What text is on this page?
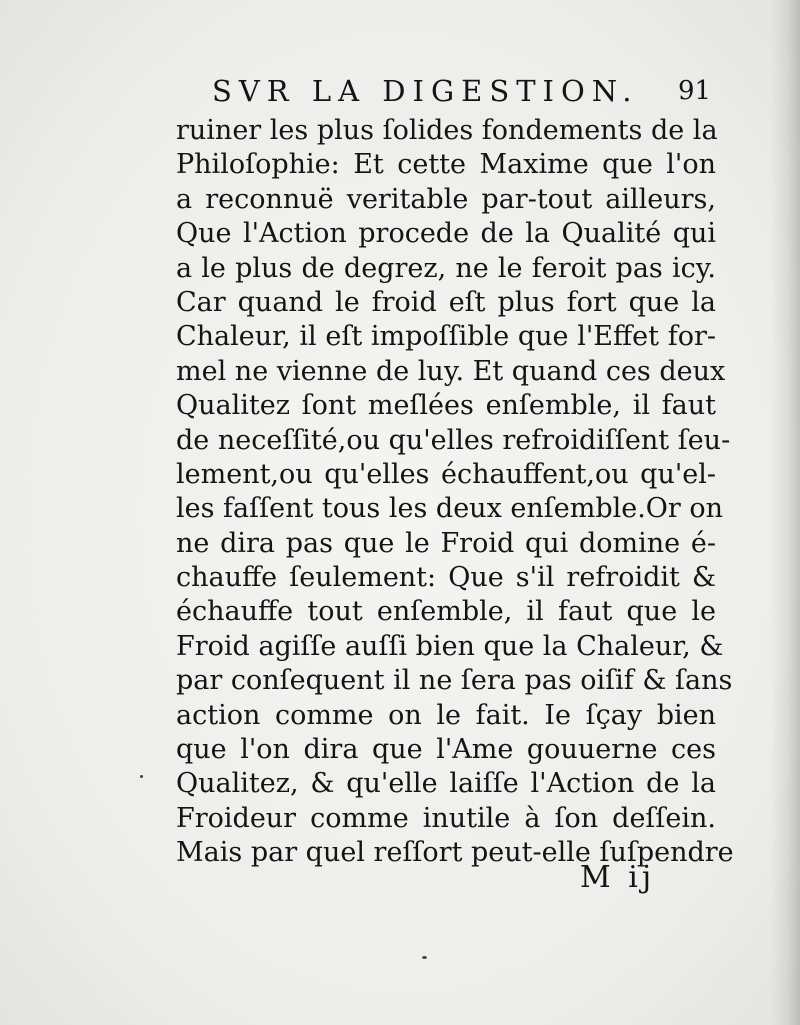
SVR LA DIGESTION. 91
ruiner les plus ſolides fondements de la
Philoſophie: Et cette Maxime que l'on
a reconnuë veritable par-tout ailleurs,
Que l'Action procede de la Qualité qui
a le plus de degrez, ne le feroit pas icy.
Car quand le froid eſt plus fort que la
Chaleur, il eſt impoſſible que l'Effet for-
mel ne vienne de luy. Et quand ces deux
Qualitez ſont meſlées enſemble, il faut
de neceſſité,ou qu'elles refroidiſſent ſeu-
lement,ou qu'elles échauffent,ou qu'el-
les faſſent tous les deux enſemble.Or on
ne dira pas que le Froid qui domine é-
chauffe ſeulement: Que s'il refroidit &
échauffe tout enſemble, il faut que le
Froid agiſſe auſſi bien que la Chaleur, &
par conſequent il ne ſera pas oiſif & ſans
action comme on le fait. Ie ſçay bien
que l'on dira que l'Ame gouuerne ces
Qualitez, & qu'elle laiſſe l'Action de la
Froideur comme inutile à ſon deſſein.
Mais par quel reſſort peut-elle ſuſpendre
M ij
